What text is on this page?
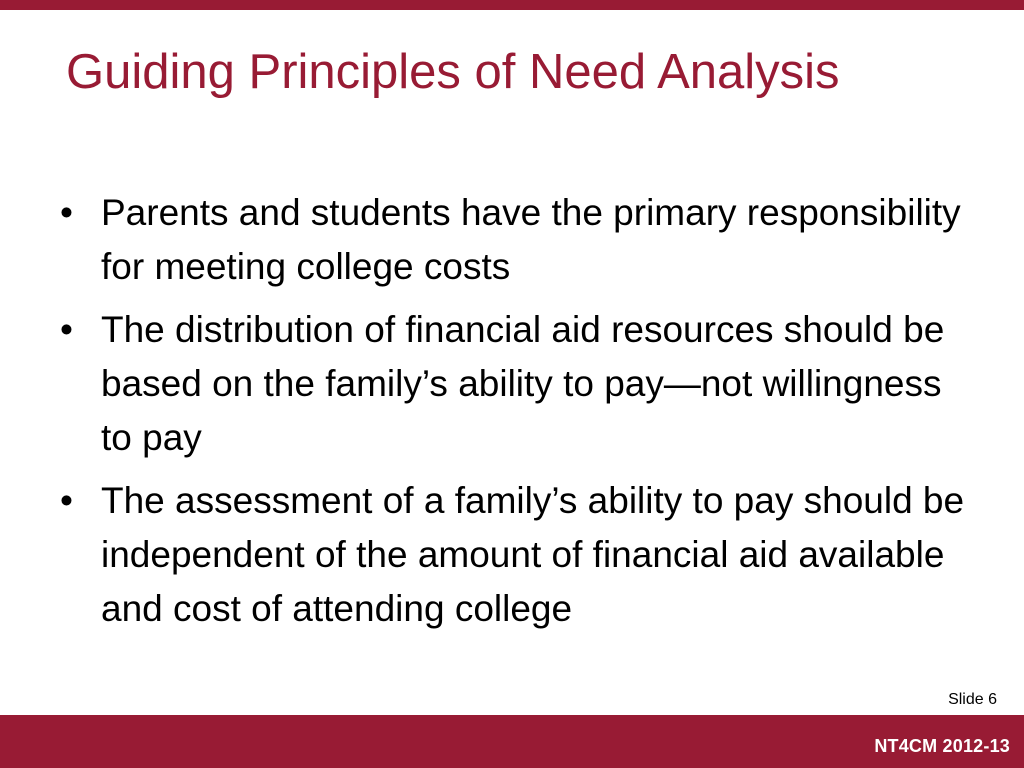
Guiding Principles of Need Analysis
• Parents and students have the primary responsibility for meeting college costs
• The distribution of financial aid resources should be based on the family’s ability to pay—not willingness to pay
• The assessment of a family’s ability to pay should be independent of the amount of financial aid available and cost of attending college
Slide 6
NT4CM 2012-13
